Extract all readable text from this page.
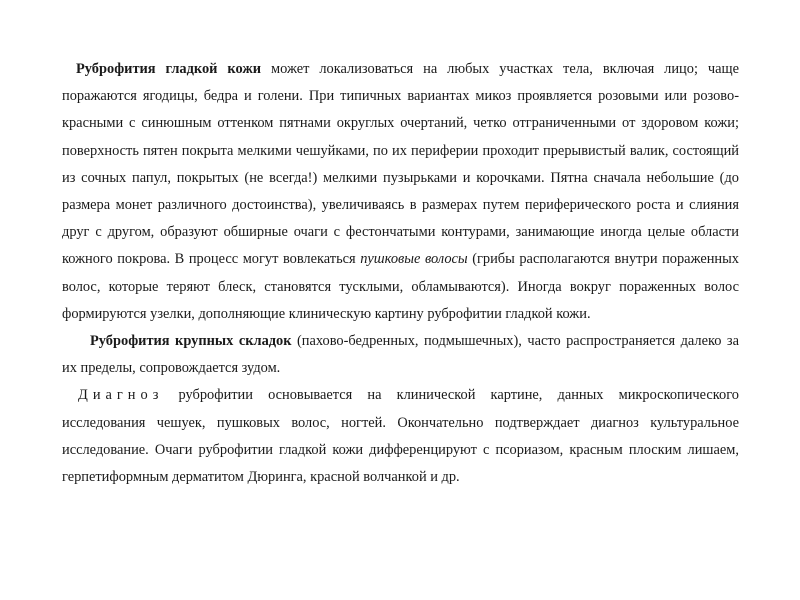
Руброфития гладкой кожи может локализоваться на любых участках тела, включая лицо; чаще поражаются ягодицы, бедра и голени. При типичных вариантах микоз проявляется розовыми или розово-красными с синюшным оттенком пятнами округлых очертаний, четко отграниченными от здоровом кожи; поверхность пятен покрыта мелкими чешуйками, по их периферии проходит прерывистый валик, состоящий из сочных папул, покрытых (не всегда!) мелкими пузырьками и корочками. Пятна сначала небольшие (до размера монет различного достоинства), увеличиваясь в размерах путем периферического роста и слияния друг с другом, образуют обширные очаги с фестончатыми контурами, занимающие иногда целые области кожного покрова. В процесс могут вовлекаться пушковые волосы (грибы располагаются внутри пораженных волос, которые теряют блеск, становятся тусклыми, обламываются). Иногда вокруг пораженных волос формируются узелки, дополняющие клиническую картину руброфитии гладкой кожи.

Руброфития крупных складок (пахово-бедренных, подмышечных), часто распространяется далеко за их пределы, сопровождается зудом.

Диагноз руброфитии основывается на клинической картине, данных микроскопического исследования чешуек, пушковых волос, ногтей. Окончательно подтверждает диагноз культуральное исследование. Очаги руброфитии гладкой кожи дифференцируют с псориазом, красным плоским лишаем, герпетиформным дерматитом Дюринга, красной волчанкой и др.
